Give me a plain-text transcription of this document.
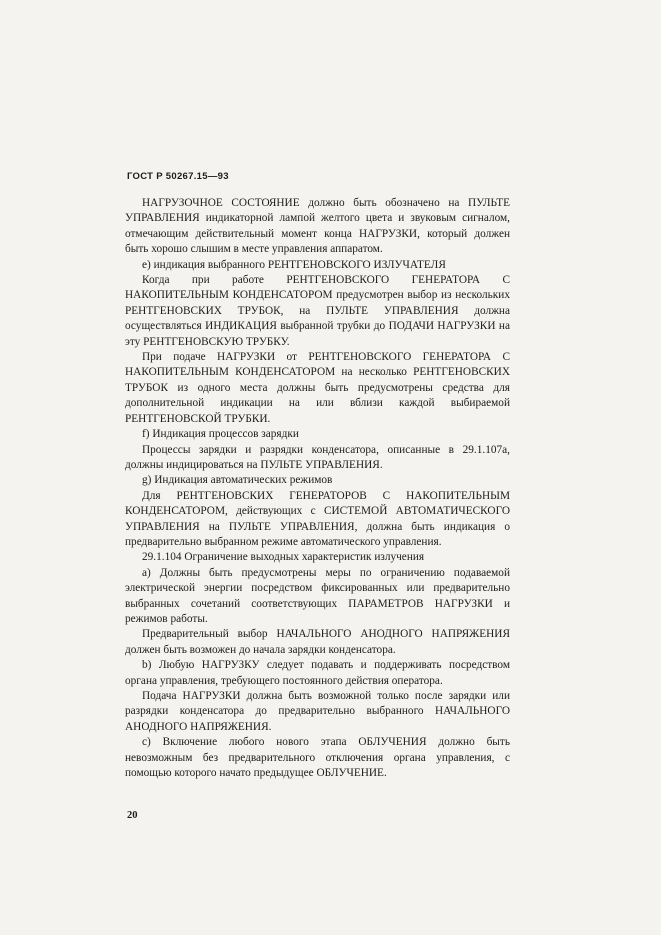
ГОСТ Р 50267.15—93

НАГРУЗОЧНОЕ СОСТОЯНИЕ должно быть обозначено на ПУЛЬТЕ УПРАВЛЕНИЯ индикаторной лампой желтого цвета и звуковым сигналом, отмечающим действительный момент конца НАГРУЗКИ, который должен быть хорошо слышим в месте управления аппаратом.

е) индикация выбранного РЕНТГЕНОВСКОГО ИЗЛУЧАТЕЛЯ

Когда при работе РЕНТГЕНОВСКОГО ГЕНЕРАТОРА С НАКОПИТЕЛЬНЫМ КОНДЕНСАТОРОМ предусмотрен выбор из нескольких РЕНТГЕНОВСКИХ ТРУБОК, на ПУЛЬТЕ УПРАВЛЕНИЯ должна осуществляться ИНДИКАЦИЯ выбранной трубки до ПОДАЧИ НАГРУЗКИ на эту РЕНТГЕНОВСКУЮ ТРУБКУ.

При подаче НАГРУЗКИ от РЕНТГЕНОВСКОГО ГЕНЕРАТОРА С НАКОПИТЕЛЬНЫМ КОНДЕНСАТОРОМ на несколько РЕНТГЕНОВСКИХ ТРУБОК из одного места должны быть предусмотрены средства для дополнительной индикации на или вблизи каждой выбираемой РЕНТГЕНОВСКОЙ ТРУБКИ.

f) Индикация процессов зарядки

Процессы зарядки и разрядки конденсатора, описанные в 29.1.107а, должны индицироваться на ПУЛЬТЕ УПРАВЛЕНИЯ.

g) Индикация автоматических режимов

Для РЕНТГЕНОВСКИХ ГЕНЕРАТОРОВ С НАКОПИТЕЛЬНЫМ КОНДЕНСАТОРОМ, действующих с СИСТЕМОЙ АВТОМАТИЧЕСКОГО УПРАВЛЕНИЯ на ПУЛЬТЕ УПРАВЛЕНИЯ, должна быть индикация о предварительно выбранном режиме автоматического управления.

29.1.104 Ограничение выходных характеристик излучения

а) Должны быть предусмотрены меры по ограничению подаваемой электрической энергии посредством фиксированных или предварительно выбранных сочетаний соответствующих ПАРАМЕТРОВ НАГРУЗКИ и режимов работы.

Предварительный выбор НАЧАЛЬНОГО АНОДНОГО НАПРЯЖЕНИЯ должен быть возможен до начала зарядки конденсатора.

b) Любую НАГРУЗКУ следует подавать и поддерживать посредством органа управления, требующего постоянного действия оператора.

Подача НАГРУЗКИ должна быть возможной только после зарядки или разрядки конденсатора до предварительно выбранного НАЧАЛЬНОГО АНОДНОГО НАПРЯЖЕНИЯ.

с) Включение любого нового этапа ОБЛУЧЕНИЯ должно быть невозможным без предварительного отключения органа управления, с помощью которого начато предыдущее ОБЛУЧЕНИЕ.

20
